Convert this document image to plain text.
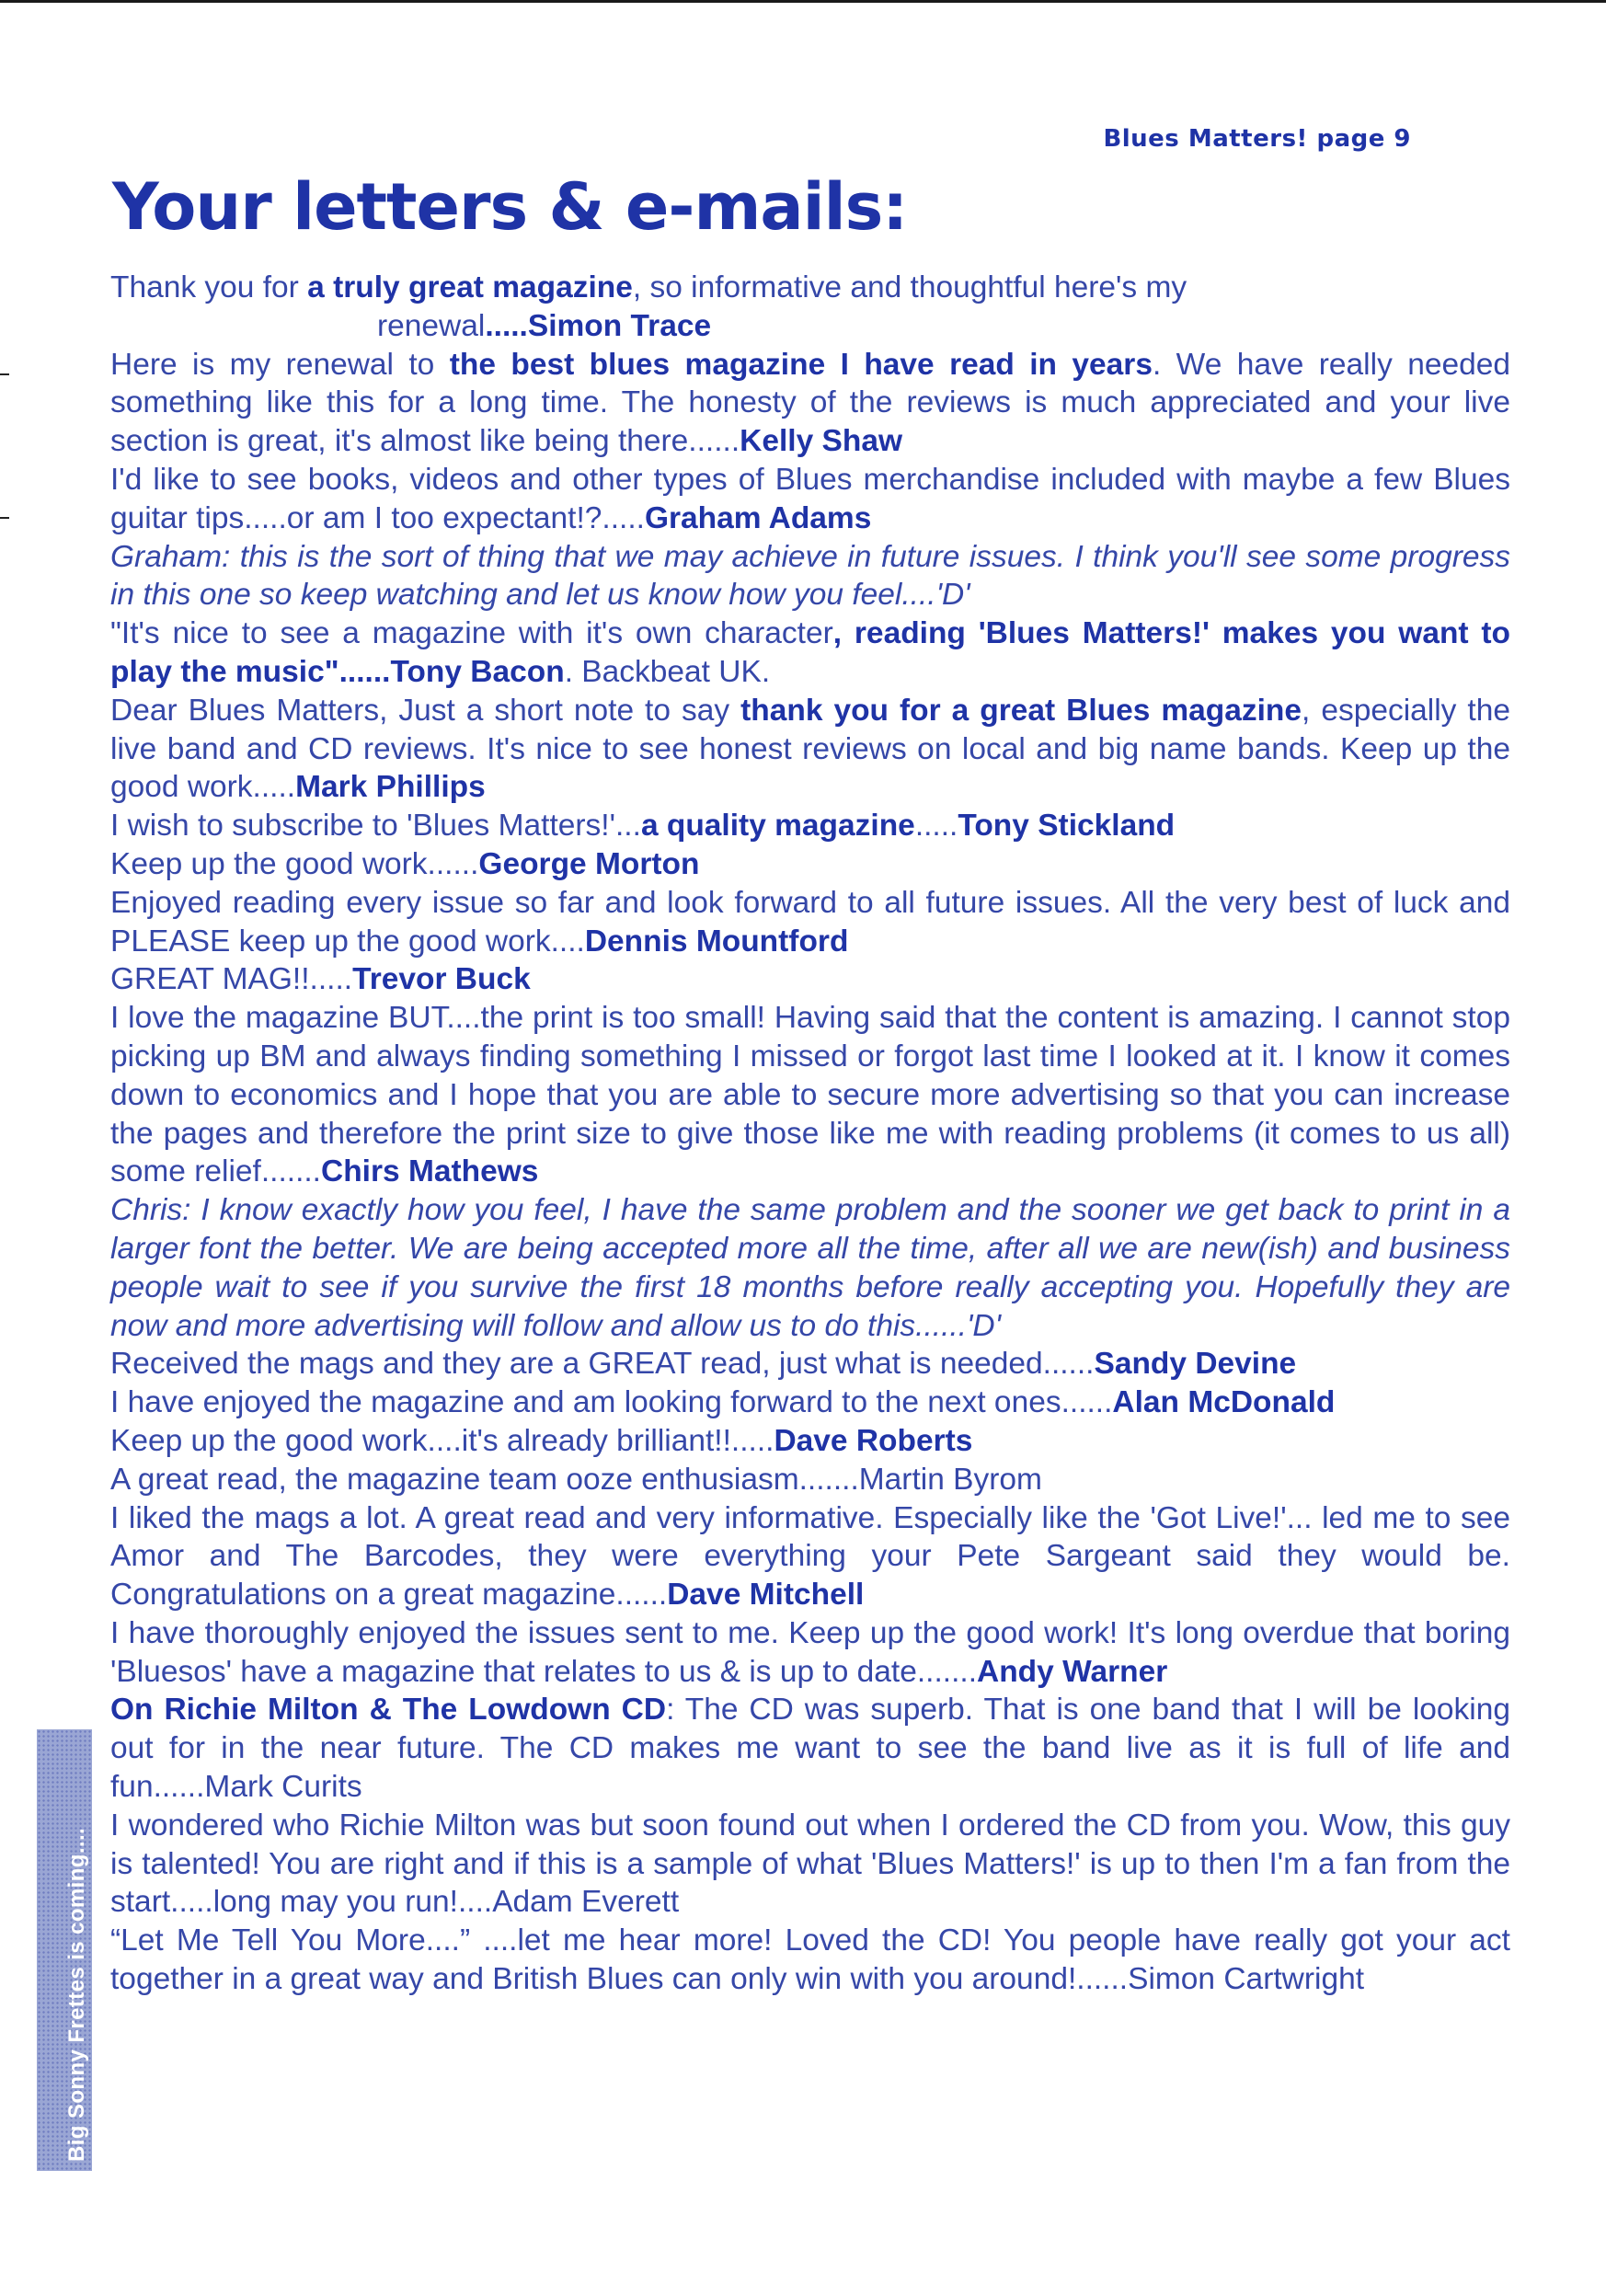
Blues Matters! page 9
Your letters & e-mails:

Thank you for a truly great magazine, so informative and thoughtful here's my

renewal.....Simon Trace

Here is my renewal to the best blues magazine I have read in years. We have really needed something like this for a long time. The honesty of the reviews is much appreciated and your live section is great, it's almost like being there......Kelly Shaw

I'd like to see books, videos and other types of Blues merchandise included with maybe a few Blues guitar tips.....or am I too expectant!?.....Graham Adams

Graham: this is the sort of thing that we may achieve in future issues. I think you'll see some progress in this one so keep watching and let us know how you feel....'D'

"It's nice to see a magazine with it's own character, reading 'Blues Matters!' makes you want to play the music"......Tony Bacon. Backbeat UK.

Dear Blues Matters, Just a short note to say thank you for a great Blues magazine, especially the live band and CD reviews. It's nice to see honest reviews on local and big name bands. Keep up the good work.....Mark Phillips

I wish to subscribe to 'Blues Matters!'...a quality magazine.....Tony Stickland

Keep up the good work......George Morton

Enjoyed reading every issue so far and look forward to all future issues. All the very best of luck and PLEASE keep up the good work....Dennis Mountford

GREAT MAG!!.....Trevor Buck

I love the magazine BUT....the print is too small! Having said that the content is amazing. I cannot stop picking up BM and always finding something I missed or forgot last time I looked at it. I know it comes down to economics and I hope that you are able to secure more advertising so that you can increase the pages and therefore the print size to give those like me with reading problems (it comes to us all) some relief.......Chirs Mathews

Chris: I know exactly how you feel, I have the same problem and the sooner we get back to print in a larger font the better. We are being accepted more all the time, after all we are new(ish) and business people wait to see if you survive the first 18 months before really accepting you. Hopefully they are now and more advertising will follow and allow us to do this......'D'

Received the mags and they are a GREAT read, just what is needed......Sandy Devine

I have enjoyed the magazine and am looking forward to the next ones......Alan McDonald

Keep up the good work....it's already brilliant!!.....Dave Roberts

A great read, the magazine team ooze enthusiasm.......Martin Byrom

I liked the mags a lot. A great read and very informative. Especially like the 'Got Live!'... led me to see Amor and The Barcodes, they were everything your Pete Sargeant said they would be. Congratulations on a great magazine......Dave Mitchell

I have thoroughly enjoyed the issues sent to me. Keep up the good work! It's long overdue that boring 'Bluesos' have a magazine that relates to us & is up to date.......Andy Warner

On Richie Milton & The Lowdown CD: The CD was superb. That is one band that I will be looking out for in the near future. The CD makes me want to see the band live as it is full of life and fun......Mark Curits

I wondered who Richie Milton was but soon found out when I ordered the CD from you. Wow, this guy is talented! You are right and if this is a sample of what 'Blues Matters!' is up to then I'm a fan from the start.....long may you run!....Adam Everett

“Let Me Tell You More....” ....let me hear more! Loved the CD! You people have really got your act together in a great way and British Blues can only win with you around!......Simon Cartwright

Big Sonny Frettes is coming....
